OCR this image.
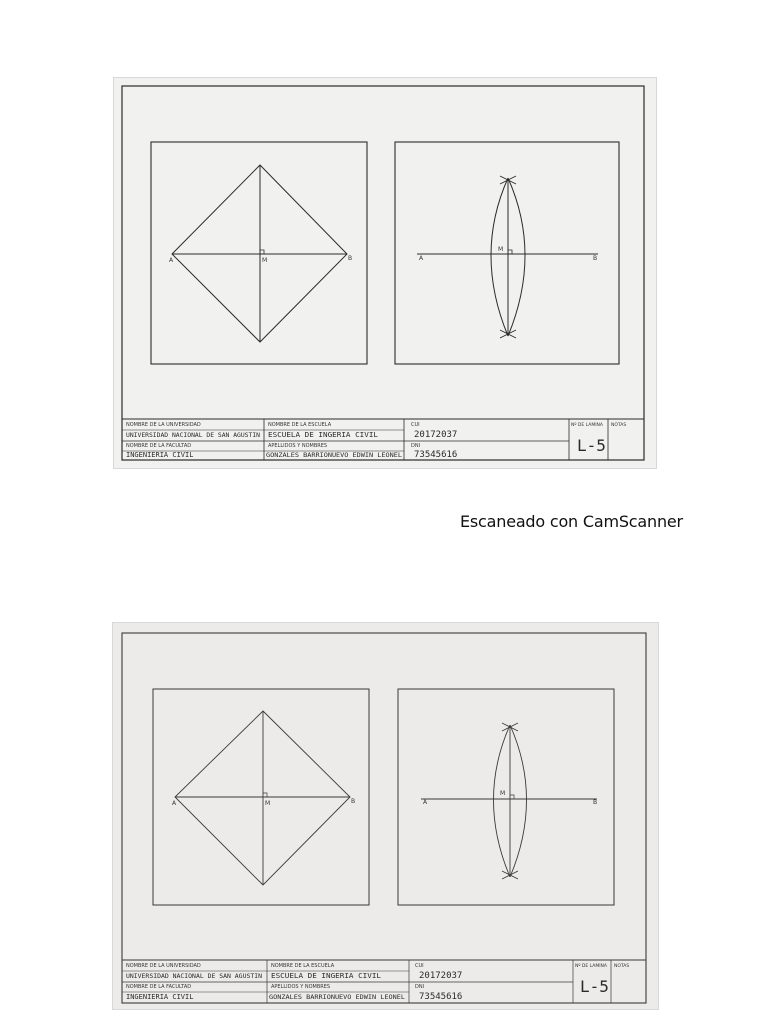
A	M	B	A
M
B
NOMBRE DE LA UNIVERSIDAD
UNIVERSIDAD NACIONAL DE SAN AGUSTIN
NOMBRE DE LA FACULTAD
INGENIERIA CIVIL
NOMBRE DE LA ESCUELA
ESCUELA DE INGERIA CIVIL
APELLIDOS Y NOMBRES
GONZALES BARRIONUEVO EDWIN LEONEL
CUI
20172037
DNI
73545616
Nº DE LAMINA
L-5
NOTAS
Escaneado con CamScanner
A	M	B	A
M
B
NOMBRE DE LA UNIVERSIDAD
UNIVERSIDAD NACIONAL DE SAN AGUSTIN
NOMBRE DE LA FACULTAD
INGENIERIA CIVIL
NOMBRE DE LA ESCUELA
ESCUELA DE INGERIA CIVIL
APELLIDOS Y NOMBRES
GONZALES BARRIONUEVO EDWIN LEONEL
CUI
20172037
DNI
73545616
Nº DE LAMINA
L-5
NOTAS
